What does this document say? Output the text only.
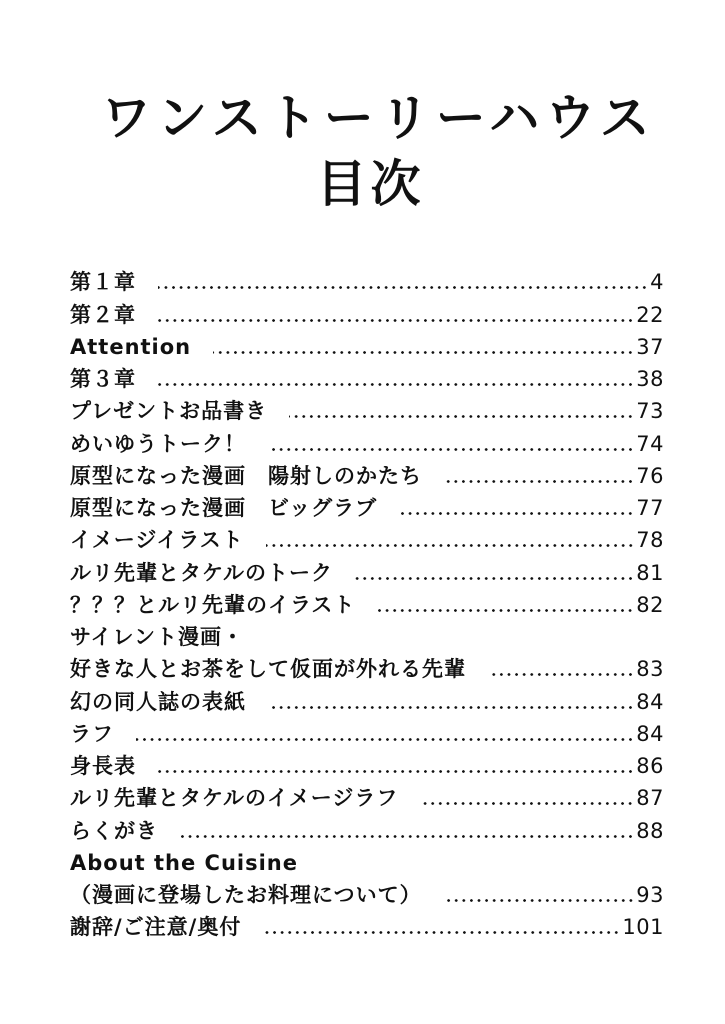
ワンストーリーハウス
目次
第１章	4
第２章	22
Attention	37
第３章	38
プレゼントお品書き	73
めいゆうトーク！	74
原型になった漫画　陽射しのかたち	76
原型になった漫画　ビッグラブ	77
イメージイラスト	78
ルリ先輩とタケルのトーク	81
？？？とルリ先輩のイラスト	82
サイレント漫画・
好きな人とお茶をして仮面が外れる先輩	83
幻の同人誌の表紙	84
ラフ	84
身長表	86
ルリ先輩とタケルのイメージラフ	87
らくがき	88
About the Cuisine
（漫画に登場したお料理について）	93
謝辞/ご注意/奥付	101
